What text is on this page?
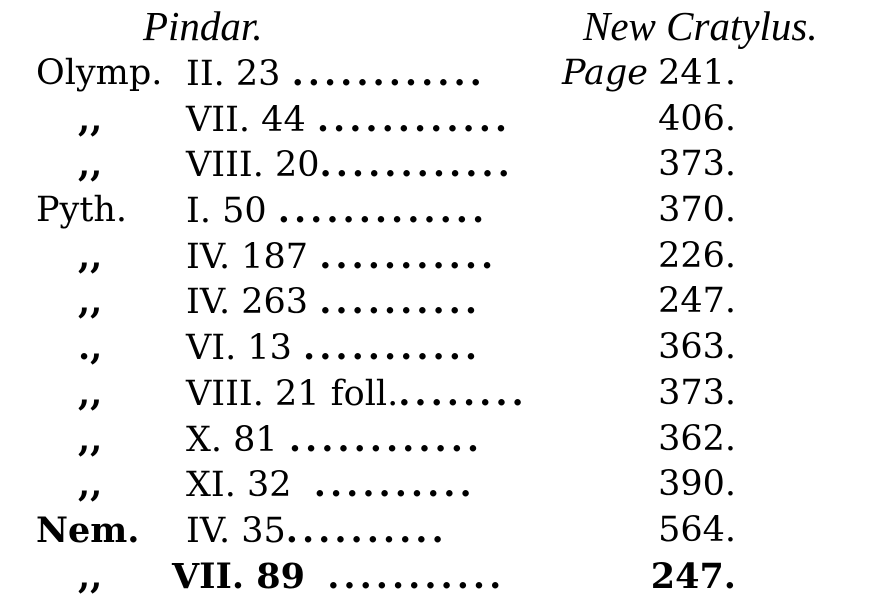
Pindar.	New Cratylus.
Olymp. II. 23 ............	Page 241.
,,	VII. 44 ............	406.
,,	VIII. 20............	373.
Pyth.	I. 50 .............	370.
,,	IV. 187 ...........	226.
,,	IV. 263 ..........	247.
.,	VI. 13 ...........	363.
,,	VIII. 21 foll.........	373.
,,	X. 81 ............	362.
,,	XI. 32 ..........	390.
Nem.	IV. 35..........	564.
,,	VII. 89 ...........	247.
